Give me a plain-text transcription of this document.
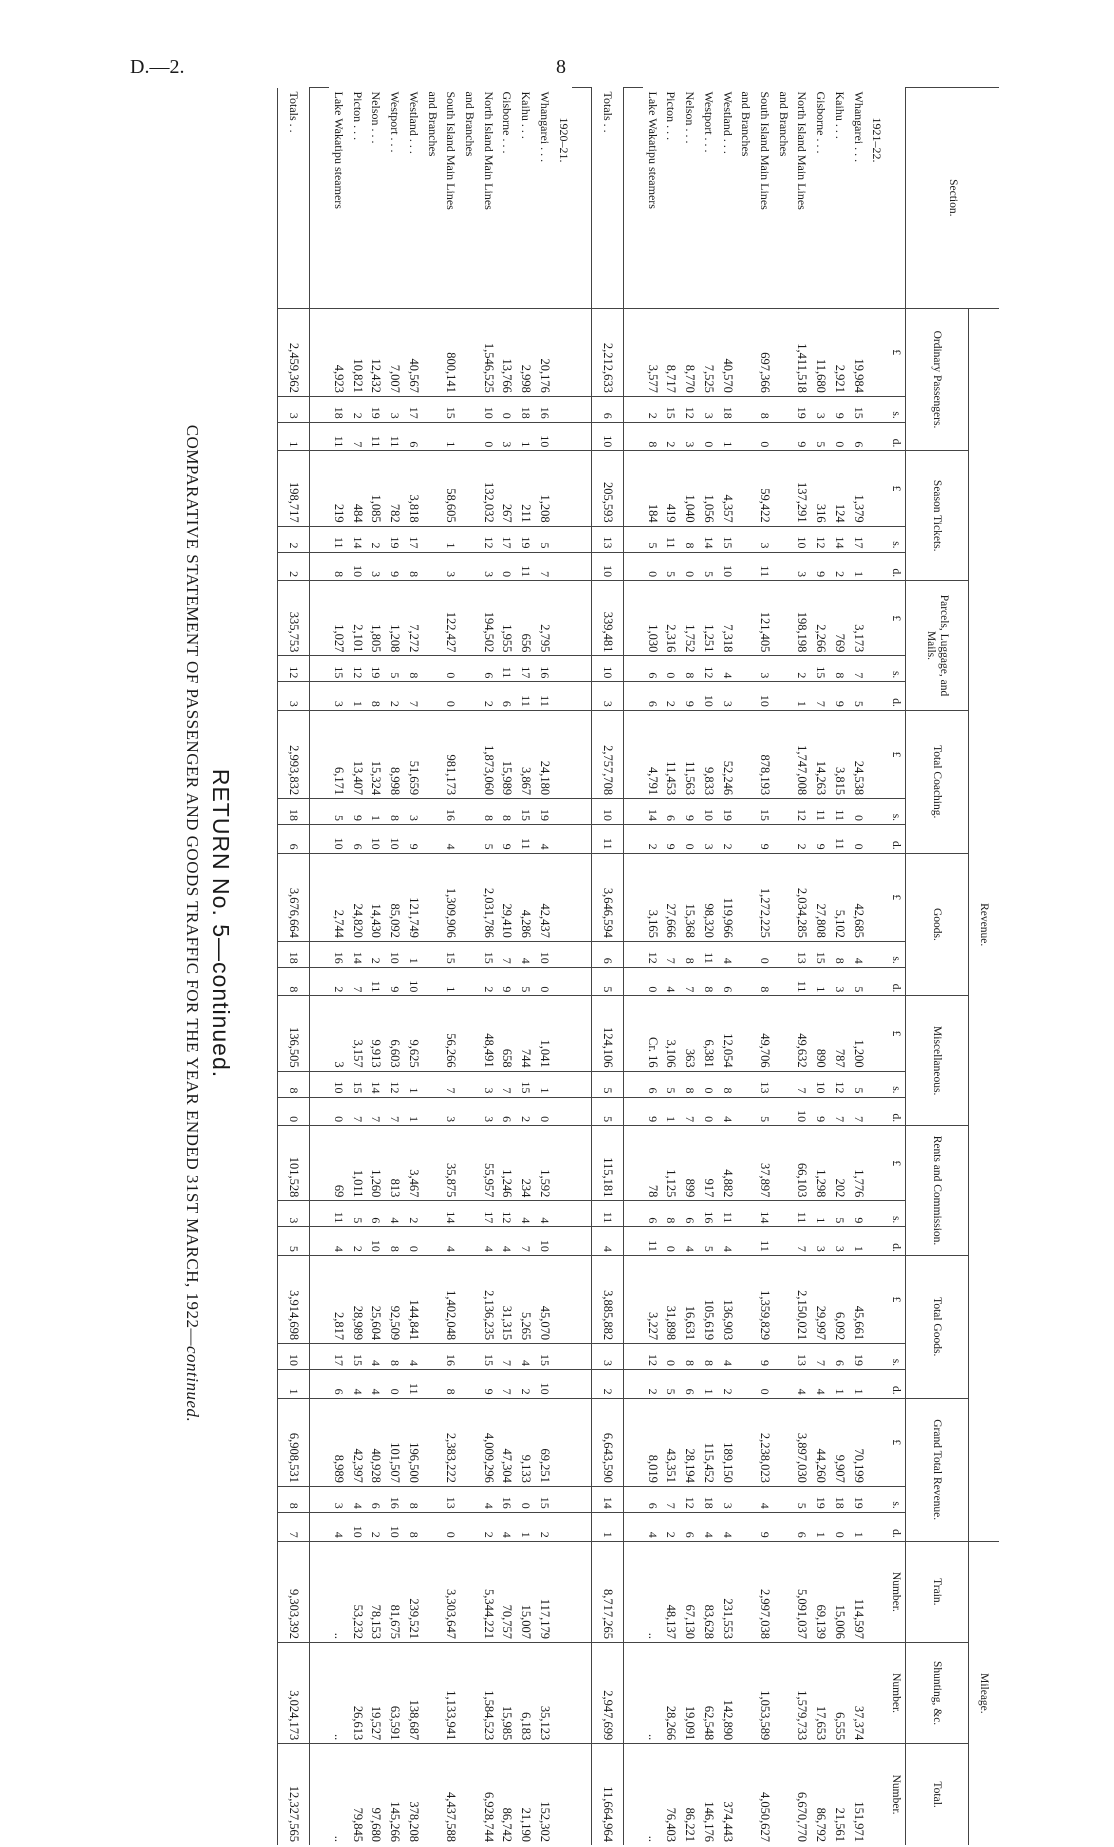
D.—2.	8
Section.	Revenue.																											Mileage.		
	Ordinary Passengers.			Season Tickets.			Parcels, Luggage, and Mails.			Total Coaching.			Goods.			Miscellaneous.			Rents and Commission.			Total Goods.			Grand Total Revenue.			Train.	Shunting, &c.	Total.
	£	s.	d.	£	s.	d.	£	s.	d.	£	s.	d.	£	s.	d.	£	s.	d.	£	s.	d.	£	s.	d.	£	s.	d.	Number.	Number.	Number.
1921–22.																														
Whangarei . . .	19,984	15	6	1,379	17	1	3,173	7	5	24,538	0	0	42,685	4	5	1,200	5	7	1,776	9	1	45,661	19	1	70,199	19	1	114,597	37,374	151,971
Kaihu . . .	2,921	9	0	124	14	2	769	8	9	3,815	11	11	5,102	8	3	787	12	7	202	5	3	6,092	6	1	9,907	18	0	15,006	6,555	21,561
Gisborne . . .	11,680	3	5	316	12	9	2,266	15	7	14,263	11	9	27,808	15	1	890	10	9	1,298	1	3	29,997	7	4	44,260	19	1	69,139	17,653	86,792
North Island Main Lines	1,411,518	19	9	137,291	10	3	198,198	2	1	1,747,008	12	2	2,034,285	13	11	49,632	7	10	66,103	11	7	2,150,021	13	4	3,897,030	5	6	5,091,037	1,579,733	6,670,770
and Branches																														
South Island Main Lines	697,366	8	0	59,422	3	11	121,405	3	10	878,193	15	9	1,272,225	0	8	49,706	13	5	37,897	14	11	1,359,829	9	0	2,238,023	4	9	2,997,038	1,053,589	4,050,627
and Branches																														
Westland . . .	40,570	18	1	4,357	15	10	7,318	4	3	52,246	19	2	119,966	4	6	12,054	8	4	4,882	11	4	136,903	4	2	189,150	3	4	231,553	142,890	374,443
Westport . . .	7,525	3	0	1,056	14	5	1,251	12	10	9,833	10	3	98,320	11	8	6,381	0	0	917	16	5	105,619	8	1	115,452	18	4	83,628	62,548	146,176
Nelson . . .	8,770	12	3	1,040	8	0	1,752	8	9	11,563	9	0	15,368	8	7	363	8	7	899	6	4	16,631	8	6	28,194	12	6	67,130	19,091	86,221
Picton . . .	8,717	15	2	419	11	5	2,316	0	2	11,453	6	9	27,666	7	4	3,106	5	1	1,125	8	0	31,898	0	5	43,351	7	2	48,137	28,266	76,403
Lake Wakatipu steamers	3,577	2	8	184	5	0	1,030	6	6	4,791	14	2	3,165	12	0	Cr. 16	6	9	78	6	11	3,227	12	2	8,019	6	4	..	..	..

Totals . .	2,212,633	6	10	205,593	13	10	339,481	10	3	2,757,708	10	11	3,646,594	6	5	124,106	5	5	115,181	11	4	3,885,882	3	2	6,643,590	14	1	8,717,265	2,947,699	11,664,964

1920–21.																														
Whangarei . . .	20,176	16	10	1,208	5	7	2,795	16	11	24,180	19	4	42,437	10	0	1,041	1	0	1,592	4	10	45,070	15	10	69,251	15	2	117,179	35,123	152,302
Kaihu . . .	2,998	18	1	211	19	11	656	17	11	3,867	15	11	4,286	4	5	744	15	2	234	4	7	5,265	4	2	9,133	0	1	15,007	6,183	21,190
Gisborne . . .	13,766	0	3	267	17	0	1,955	11	6	15,989	8	9	29,410	7	9	658	7	6	1,246	12	4	31,315	7	7	47,304	16	4	70,757	15,985	86,742
North Island Main Lines	1,546,525	10	0	132,032	12	3	194,502	6	2	1,873,060	8	5	2,031,786	15	2	48,491	3	3	55,957	17	4	2,136,235	15	9	4,009,296	4	2	5,344,221	1,584,523	6,928,744
and Branches																														
South Island Main Lines	800,141	15	1	58,605	1	3	122,427	0	0	981,173	16	4	1,309,906	15	1	56,266	7	3	35,875	14	4	1,402,048	16	8	2,383,222	13	0	3,303,647	1,133,941	4,437,588
and Branches																														
Westland . . .	40,567	17	6	3,818	17	8	7,272	8	7	51,659	3	9	121,749	1	10	9,625	1	1	3,467	2	0	144,841	4	11	196,500	8	8	239,521	138,687	378,208
Westport . . .	7,007	3	11	782	19	9	1,208	5	2	8,998	8	10	85,092	10	9	6,603	12	7	813	4	8	92,509	8	0	101,507	16	10	81,675	63,591	145,266
Nelson . . .	12,432	19	11	1,085	2	3	1,805	19	8	15,324	1	10	14,430	2	11	9,913	14	7	1,260	6	10	25,604	4	4	40,928	6	2	78,153	19,527	97,680
Picton . . .	10,821	2	7	484	14	10	2,101	12	1	13,407	9	6	24,820	14	7	3,157	15	7	1,011	5	2	28,989	15	4	42,397	4	10	53,232	26,613	79,845
Lake Wakatipu steamers	4,923	18	11	219	11	8	1,027	15	3	6,171	5	10	2,744	16	2	3	10	0	69	11	4	2,817	17	6	8,989	3	4	..	..	..

Totals . .	2,459,362	3	1	198,717	2	2	335,753	12	3	2,993,832	18	6	3,676,664	18	8	136,505	8	0	101,528	3	5	3,914,698	10	1	6,908,531	8	7	9,303,392	3,024,173	12,327,565
RETURN No. 5—continued.
COMPARATIVE STATEMENT OF PASSENGER AND GOODS TRAFFIC FOR THE YEAR ENDED 31ST MARCH, 1922—continued.
